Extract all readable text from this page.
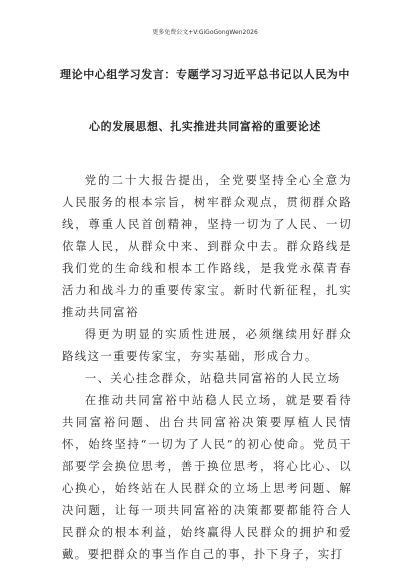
更多免费公文+V:GiGoGongWen2026
理论中心组学习发言：专题学习习近平总书记以人民为中
心的发展思想、扎实推进共同富裕的重要论述

党的二十大报告提出，全党要坚持全心全意为人民服务的根本宗旨，树牢群众观点，贯彻群众路线，尊重人民首创精神，坚持一切为了人民、一切依靠人民，从群众中来、到群众中去。群众路线是我们党的生命线和根本工作路线，是我党永葆青春活力和战斗力的重要传家宝。新时代新征程，扎实推动共同富裕

得更为明显的实质性进展，必须继续用好群众路线这一重要传家宝，夯实基础，形成合力。

一、关心挂念群众，站稳共同富裕的人民立场

在推动共同富裕中站稳人民立场，就是要看待共同富裕问题、出台共同富裕决策要厚植人民情怀，始终坚持“一切为了人民”的初心使命。党员干部要学会换位思考，善于换位思考，将心比心、以心换心，始终站在人民群众的立场上思考问题、解决问题，让每一项共同富裕的决策都要都能符合人民群众的根本利益，始终赢得人民群众的拥护和爱戴。要把群众的事当作自己的事，扑下身子，实打
